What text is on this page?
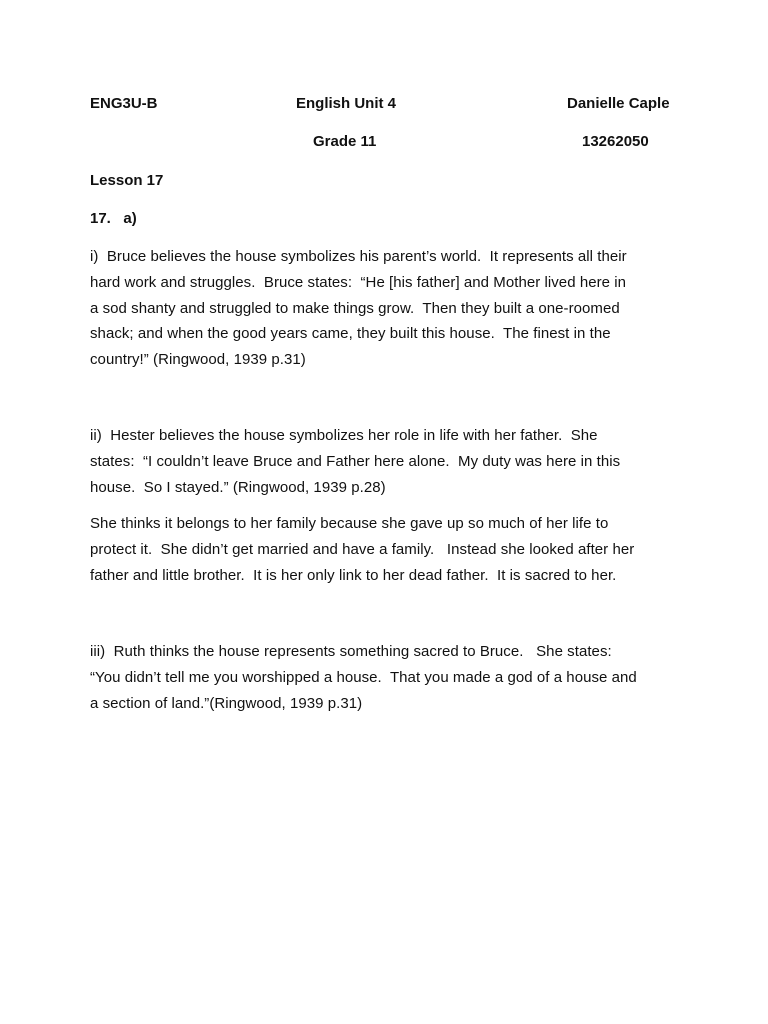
ENG3U-B	English Unit 4	Danielle Caple
Grade 11	13262050
Lesson 17
17.   a)
i)  Bruce believes the house symbolizes his parent’s world.  It represents all their
hard work and struggles.  Bruce states:  “He [his father] and Mother lived here in
a sod shanty and struggled to make things grow.  Then they built a one-roomed
shack; and when the good years came, they built this house.  The finest in the
country!” (Ringwood, 1939 p.31)
ii)  Hester believes the house symbolizes her role in life with her father.  She
states:  “I couldn’t leave Bruce and Father here alone.  My duty was here in this
house.  So I stayed.” (Ringwood, 1939 p.28)
She thinks it belongs to her family because she gave up so much of her life to
protect it.  She didn’t get married and have a family.   Instead she looked after her
father and little brother.  It is her only link to her dead father.  It is sacred to her.
iii)  Ruth thinks the house represents something sacred to Bruce.   She states:
“You didn’t tell me you worshipped a house.  That you made a god of a house and
a section of land.”(Ringwood, 1939 p.31)
